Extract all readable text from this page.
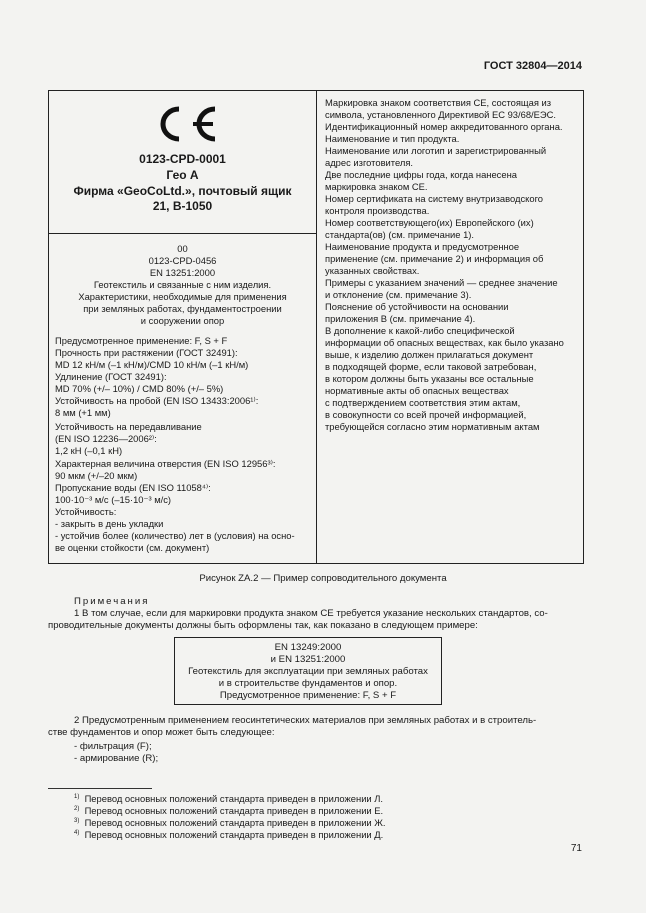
ГОСТ 32804—2014
0123-CPD-0001
Гео А
Фирма «GeoCoLtd.», почтовый ящик
21, В-1050
00
0123-CPD-0456
EN 13251:2000
Геотекстиль и связанные с ним изделия.
Характеристики, необходимые для применения
при земляных работах, фундаментостроении
и сооружении опор
Предусмотренное применение: F, S + F
Прочность при растяжении (ГОСТ 32491):
MD 12 кН/м (–1 кН/м)/CMD 10 кН/м (–1 кН/м)
Удлинение (ГОСТ 32491):
MD 70% (+/– 10%) / CMD 80% (+/– 5%)
Устойчивость на пробой (EN ISO 13433:2006¹⁾:
8 мм (+1 мм)
Устойчивость на передавливание
(EN ISO 12236—2006²⁾:
1,2 кН (–0,1 кН)
Характерная величина отверстия (EN ISO 12956³⁾:
90 мкм (+/–20 мкм)
Пропускание воды (EN ISO 11058⁴⁾:
100·10⁻³ м/с (–15·10⁻³ м/с)
Устойчивость:
- закрыть в день укладки
- устойчив более (количество) лет в (условия) на осно-
ве оценки стойкости (см. документ)
Маркировка знаком соответствия CE, состоящая из
символа, установленного Директивой ЕС 93/68/ЕЭС.
Идентификационный номер аккредитованного органа.
Наименование и тип продукта.
Наименование или логотип и зарегистрированный
адрес изготовителя.
Две последние цифры года, когда нанесена
маркировка знаком CE.
Номер сертификата на систему внутризаводского
контроля производства.
Номер соответствующего(их) Европейского (их)
стандарта(ов) (см. примечание 1).
Наименование продукта и предусмотренное
применение (см. примечание 2) и информация об
указанных свойствах.
Примеры с указанием значений — среднее значение
и отклонение (см. примечание 3).
Пояснение об устойчивости на основании
приложения В (см. примечание 4).
В дополнение к какой-либо специфической
информации об опасных веществах, как было указано
выше, к изделию должен прилагаться документ
в подходящей форме, если таковой затребован,
в котором должны быть указаны все остальные
нормативные акты об опасных веществах
с подтверждением соответствия этим актам,
в совокупности со всей прочей информацией,
требующейся согласно этим нормативным актам
Рисунок ZA.2 — Пример сопроводительного документа
Примечания
1 В том случае, если для маркировки продукта знаком CE требуется указание нескольких стандартов, со-
проводительные документы должны быть оформлены так, как показано в следующем примере:
EN 13249:2000
и EN 13251:2000
Геотекстиль для эксплуатации при земляных работах
и в строительстве фундаментов и опор.
Предусмотренное применение: F, S + F
2 Предусмотренным применением геосинтетических материалов при земляных работах и в строитель-
стве фундаментов и опор может быть следующее:
- фильтрация (F);
- армирование (R);
$^{1)}$ Перевод основных положений стандарта приведен в приложении Л.
$^{2)}$ Перевод основных положений стандарта приведен в приложении Е.
$^{3)}$ Перевод основных положений стандарта приведен в приложении Ж.
$^{4)}$ Перевод основных положений стандарта приведен в приложении Д.
71
